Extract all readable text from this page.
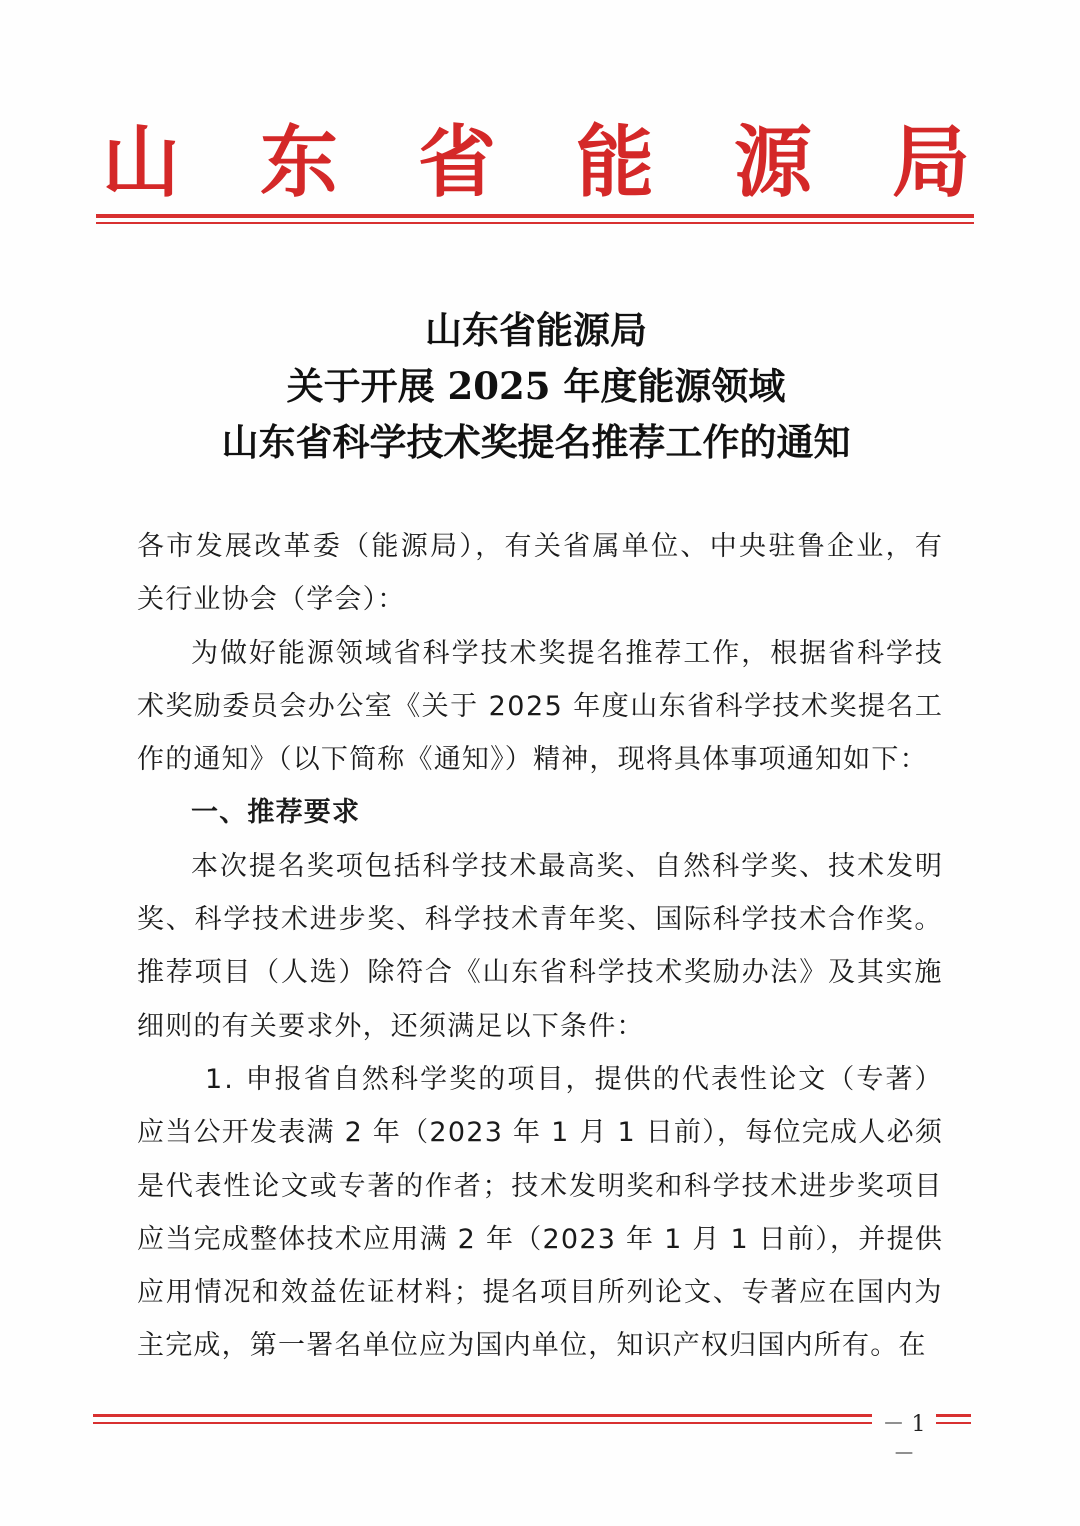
山 东 省 能 源 局
山东省能源局
关于开展 2025 年度能源领域
山东省科学技术奖提名推荐工作的通知

各市发展改革委（能源局），有关省属单位、中央驻鲁企业，有
关行业协会（学会）：

为做好能源领域省科学技术奖提名推荐工作，根据省科学技
术奖励委员会办公室《关于 2025 年度山东省科学技术奖提名工
作的通知》（以下简称《通知》）精神，现将具体事项通知如下：

一、推荐要求

本次提名奖项包括科学技术最高奖、自然科学奖、技术发明
奖、科学技术进步奖、科学技术青年奖、国际科学技术合作奖。
推荐项目（人选）除符合《山东省科学技术奖励办法》及其实施
细则的有关要求外，还须满足以下条件：

1. 申报省自然科学奖的项目，提供的代表性论文（专著）
应当公开发表满 2 年（2023 年 1 月 1 日前），每位完成人必须
是代表性论文或专著的作者；技术发明奖和科学技术进步奖项目
应当完成整体技术应用满 2 年（2023 年 1 月 1 日前），并提供
应用情况和效益佐证材料；提名项目所列论文、专著应在国内为
主完成，第一署名单位应为国内单位，知识产权归国内所有。在

－ 1 －
